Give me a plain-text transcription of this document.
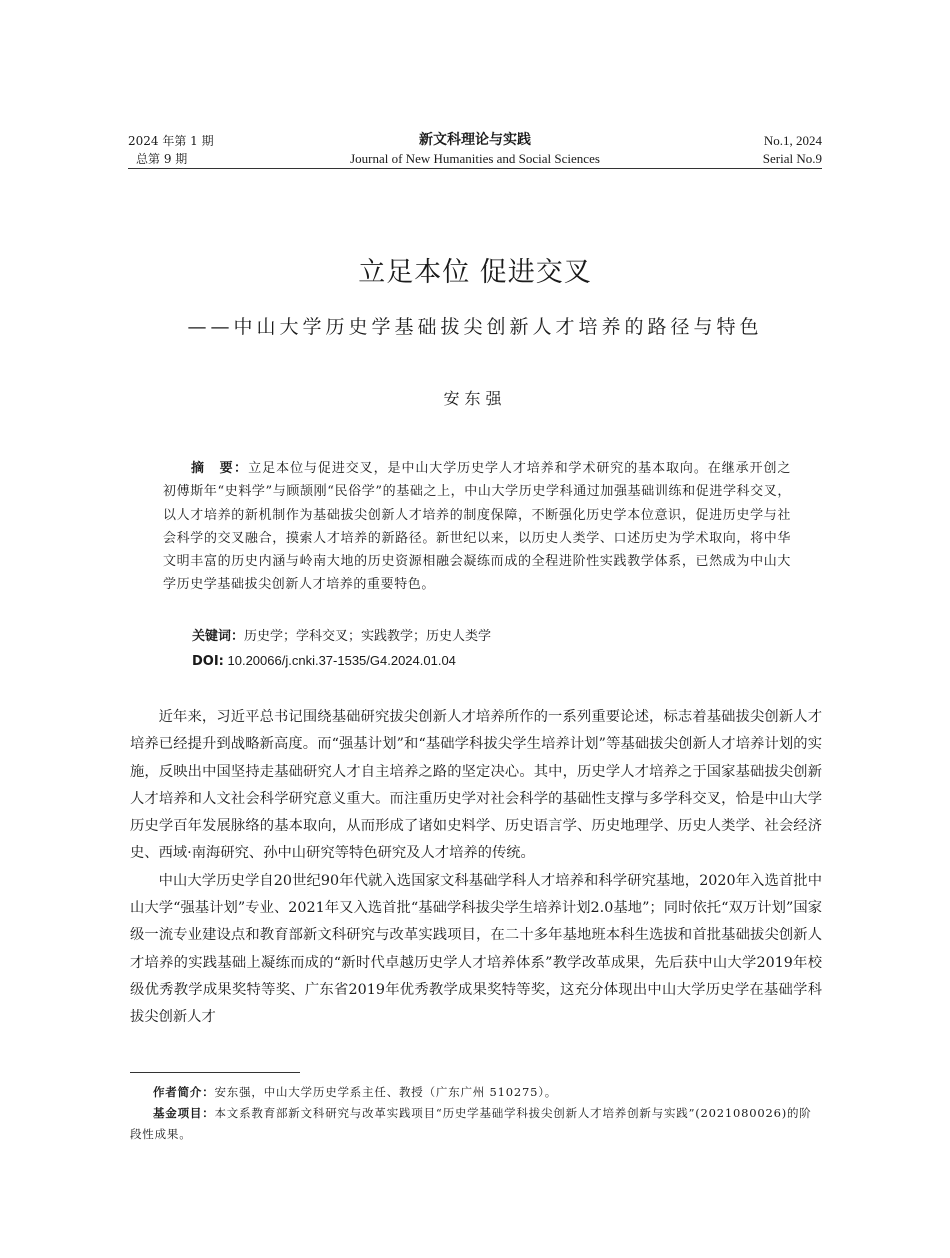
2024 年第 1 期
总第 9 期
新文科理论与实践
Journal of New Humanities and Social Sciences
No.1, 2024
Serial No.9
立足本位 促进交叉
——中山大学历史学基础拔尖创新人才培养的路径与特色
安东强
摘　要：立足本位与促进交叉，是中山大学历史学人才培养和学术研究的基本取向。在继承开创之初傅斯年“史料学”与顾颉刚“民俗学”的基础之上，中山大学历史学科通过加强基础训练和促进学科交叉，以人才培养的新机制作为基础拔尖创新人才培养的制度保障，不断强化历史学本位意识，促进历史学与社会科学的交叉融合，摸索人才培养的新路径。新世纪以来，以历史人类学、口述历史为学术取向，将中华文明丰富的历史内涵与岭南大地的历史资源相融会凝练而成的全程进阶性实践教学体系，已然成为中山大学历史学基础拔尖创新人才培养的重要特色。
关键词：历史学；学科交叉；实践教学；历史人类学
DOI: 10.20066/j.cnki.37-1535/G4.2024.01.04

近年来，习近平总书记围绕基础研究拔尖创新人才培养所作的一系列重要论述，标志着基础拔尖创新人才培养已经提升到战略新高度。而“强基计划”和“基础学科拔尖学生培养计划”等基础拔尖创新人才培养计划的实施，反映出中国坚持走基础研究人才自主培养之路的坚定决心。其中，历史学人才培养之于国家基础拔尖创新人才培养和人文社会科学研究意义重大。而注重历史学对社会科学的基础性支撑与多学科交叉，恰是中山大学历史学百年发展脉络的基本取向，从而形成了诸如史料学、历史语言学、历史地理学、历史人类学、社会经济史、西域·南海研究、孙中山研究等特色研究及人才培养的传统。

中山大学历史学自20世纪90年代就入选国家文科基础学科人才培养和科学研究基地，2020年入选首批中山大学“强基计划”专业、2021年又入选首批“基础学科拔尖学生培养计划2.0基地”；同时依托“双万计划”国家级一流专业建设点和教育部新文科研究与改革实践项目，在二十多年基地班本科生选拔和首批基础拔尖创新人才培养的实践基础上凝练而成的“新时代卓越历史学人才培养体系”教学改革成果，先后获中山大学2019年校级优秀教学成果奖特等奖、广东省2019年优秀教学成果奖特等奖，这充分体现出中山大学历史学在基础学科拔尖创新人才

作者简介：安东强，中山大学历史学系主任、教授（广东广州 510275）。

基金项目：本文系教育部新文科研究与改革实践项目“历史学基础学科拔尖创新人才培养创新与实践”(2021080026)的阶段性成果。
